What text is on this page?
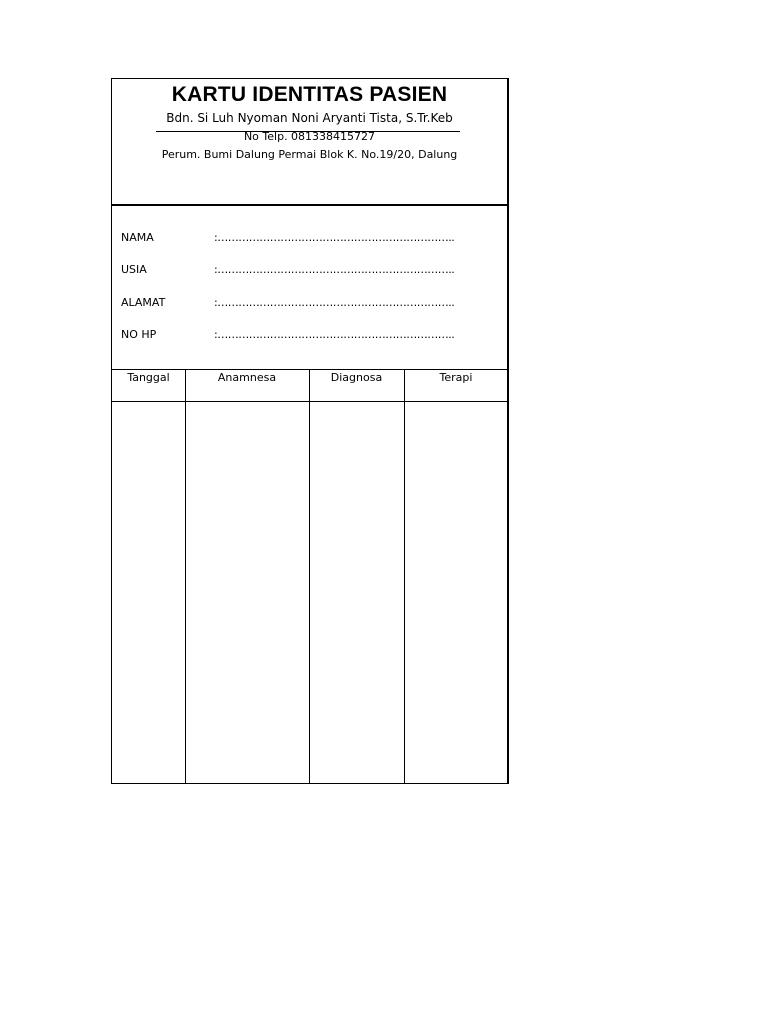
KARTU IDENTITAS PASIEN
Bdn. Si Luh Nyoman Noni Aryanti Tista, S.Tr.Keb
No Telp. 081338415727
Perum. Bumi Dalung Permai Blok K. No.19/20, Dalung
NAMA	:…………………………………………………………..
USIA	:…………………………………………………………..
ALAMAT	:…………………………………………………………..
NO HP	:…………………………………………………………..
Tanggal	Anamnesa	Diagnosa	Terapi
